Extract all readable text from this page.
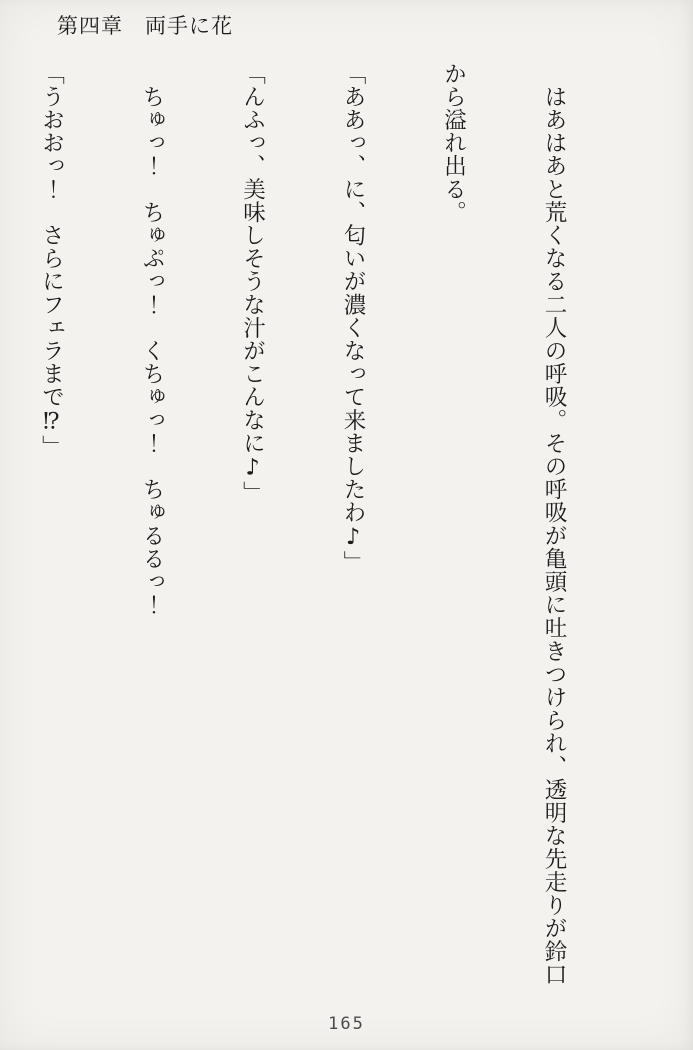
第四章　両手に花

　はあはあと荒くなる二人の呼吸。その呼吸が亀頭に吐きつけられ、透明な先走りが鈴口

から溢れ出る。

「ああっ、に、匂いが濃くなって来ましたわ♪」

「んふっ、美味しそうな汁がこんなに♪」

　ちゅっ！　ちゅぷっ！　くちゅっ！　ちゅるるっ！

「うおおっ！　さらにフェラまで⁉」

165
